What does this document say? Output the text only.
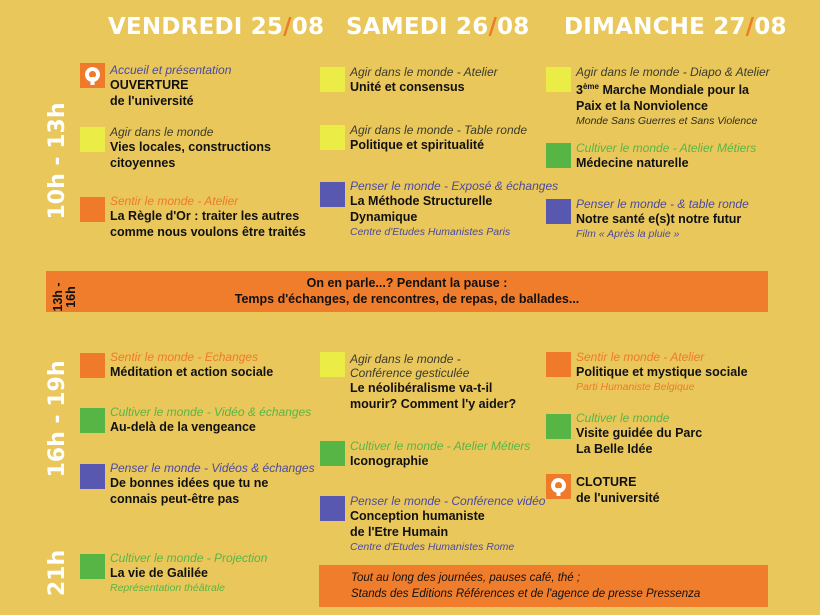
VENDREDI 25/08 SAMEDI 26/08 DIMANCHE 27/08
10h - 13h
16h - 19h
21h
Accueil et présentation
OUVERTURE
de l'université
Agir dans le monde
Vies locales, constructions
citoyennes
Sentir le monde - Atelier
La Règle d'Or : traiter les autres
comme nous voulons être traités
Agir dans le monde - Atelier
Unité et consensus
Agir dans le monde - Table ronde
Politique et spiritualité
Penser le monde - Exposé & échanges
La Méthode Structurelle
Dynamique
Centre d'Etudes Humanistes Paris
Agir dans le monde - Diapo & Atelier
3ème Marche Mondiale pour la
Paix et la Nonviolence
Monde Sans Guerres et Sans Violence
Cultiver le monde - Atelier Métiers
Médecine naturelle
Penser le monde - & table ronde
Notre santé e(s)t notre futur
Film « Après la pluie »
On en parle...? Pendant la pause :
Temps d'échanges, de rencontres, de repas, de ballades...
13h -
16h
Sentir le monde - Echanges
Méditation et action sociale
Cultiver le monde - Vidéo & échanges
Au-delà de la vengeance
Penser le monde - Vidéos & échanges
De bonnes idées que tu ne
connais peut-être pas
Agir dans le monde -
Conférence gesticulée
Le néolibéralisme va-t-il
mourir? Comment l'y aider?
Cultiver le monde - Atelier Métiers
Iconographie
Penser le monde - Conférence vidéo
Conception humaniste
de l'Etre Humain
Centre d'Etudes Humanistes Rome
Sentir le monde - Atelier
Politique et mystique sociale
Parti Humaniste Belgique
Cultiver le monde
Visite guidée du Parc
La Belle Idée
CLOTURE
de l'université
Cultiver le monde - Projection
La vie de Galilée
Représentation théâtrale
Tout au long des journées, pauses café, thé ;
Stands des Editions Références et de l'agence de presse Pressenza
